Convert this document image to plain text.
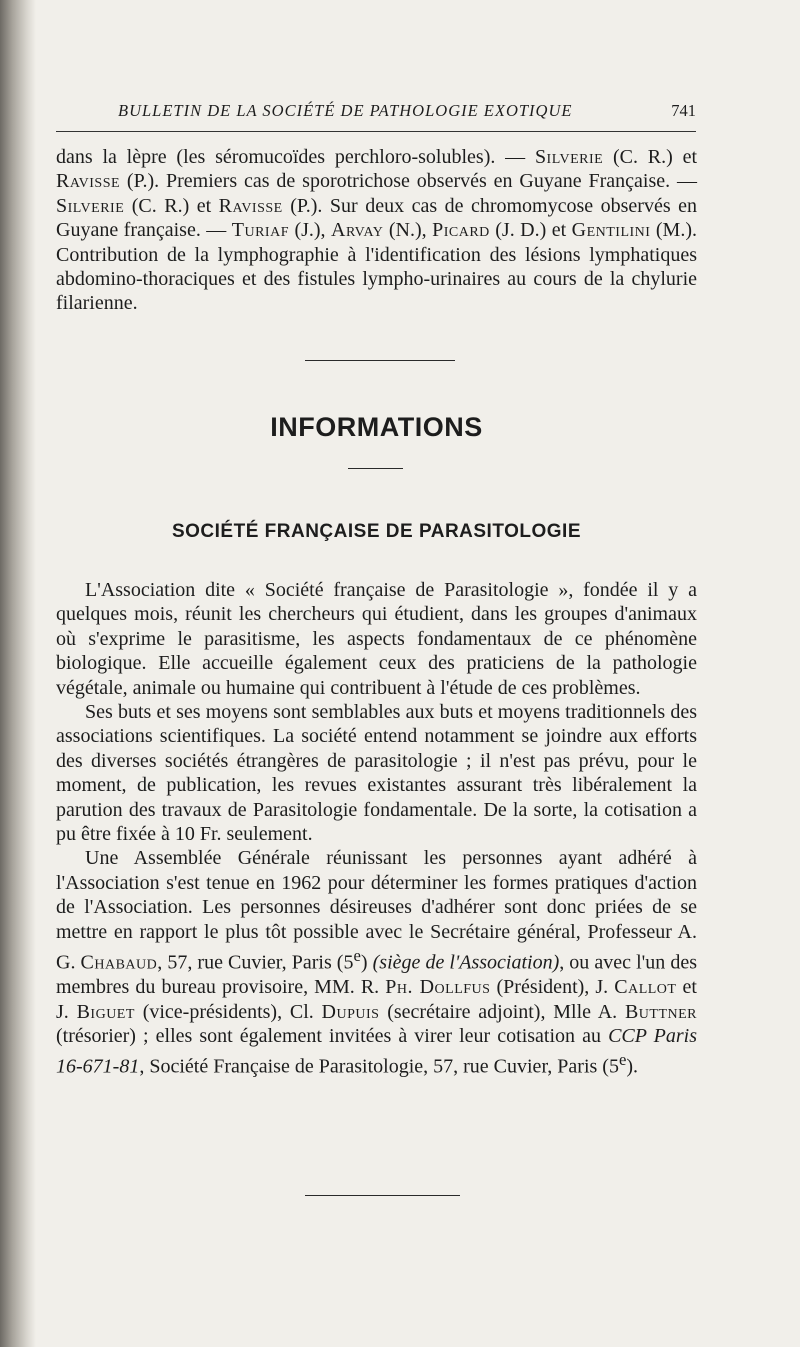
BULLETIN DE LA SOCIÉTÉ DE PATHOLOGIE EXOTIQUE	741

dans la lèpre (les séromucoïdes perchloro-solubles). — Silverie (C. R.) et Ravisse (P.). Premiers cas de sporotrichose observés en Guyane Française. — Silverie (C. R.) et Ravisse (P.). Sur deux cas de chromomycose observés en Guyane française. — Turiaf (J.), Arvay (N.), Picard (J. D.) et Gentilini (M.). Contribution de la lymphographie à l'identification des lésions lymphatiques abdomino-thoraciques et des fistules lympho-urinaires au cours de la chylurie filarienne.

INFORMATIONS
SOCIÉTÉ FRANÇAISE DE PARASITOLOGIE

L'Association dite « Société française de Parasitologie », fondée il y a quelques mois, réunit les chercheurs qui étudient, dans les groupes d'animaux où s'exprime le parasitisme, les aspects fondamentaux de ce phénomène biologique. Elle accueille également ceux des praticiens de la pathologie végétale, animale ou humaine qui contribuent à l'étude de ces problèmes.

Ses buts et ses moyens sont semblables aux buts et moyens traditionnels des associations scientifiques. La société entend notamment se joindre aux efforts des diverses sociétés étrangères de parasitologie ; il n'est pas prévu, pour le moment, de publication, les revues existantes assurant très libéralement la parution des travaux de Parasitologie fondamentale. De la sorte, la cotisation a pu être fixée à 10 Fr. seulement.

Une Assemblée Générale réunissant les personnes ayant adhéré à l'Association s'est tenue en 1962 pour déterminer les formes pratiques d'action de l'Association. Les personnes désireuses d'adhérer sont donc priées de se mettre en rapport le plus tôt possible avec le Secrétaire général, Professeur A. G. Chabaud, 57, rue Cuvier, Paris (5e) (siège de l'Association), ou avec l'un des membres du bureau provisoire, MM. R. Ph. Dollfus (Président), J. Callot et J. Biguet (vice-présidents), Cl. Dupuis (secrétaire adjoint), Mlle A. Buttner (trésorier) ; elles sont également invitées à virer leur cotisation au CCP Paris 16-671-81, Société Française de Parasitologie, 57, rue Cuvier, Paris (5e).
